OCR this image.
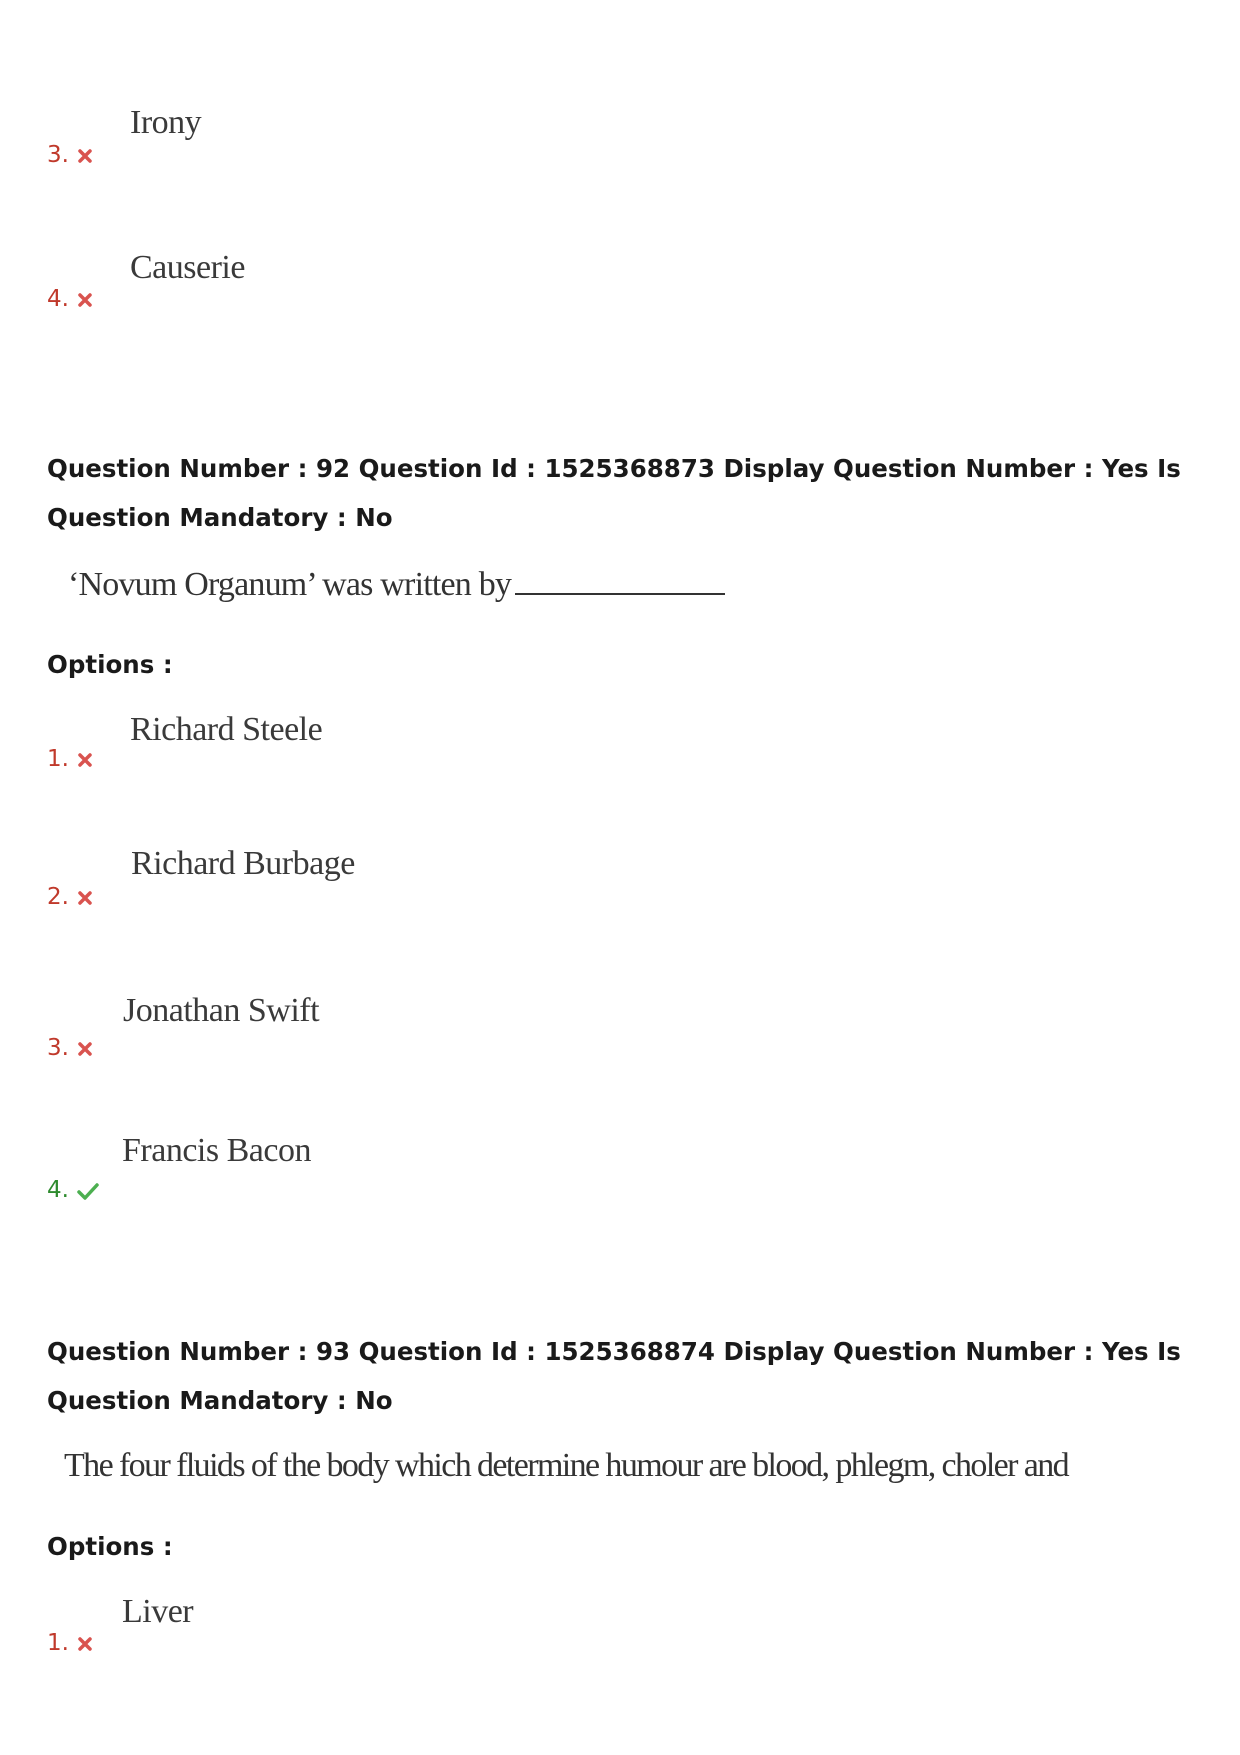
Irony
3.
Causerie
4.
Question Number : 92 Question Id : 1525368873 Display Question Number : Yes Is Question Mandatory : No
‘Novum Organum’ was written by
Options :
Richard Steele
1.
Richard Burbage
2.
Jonathan Swift
3.
Francis Bacon
4.
Question Number : 93 Question Id : 1525368874 Display Question Number : Yes Is Question Mandatory : No
The four fluids of the body which determine humour are blood, phlegm, choler and
Options :
Liver
1.
